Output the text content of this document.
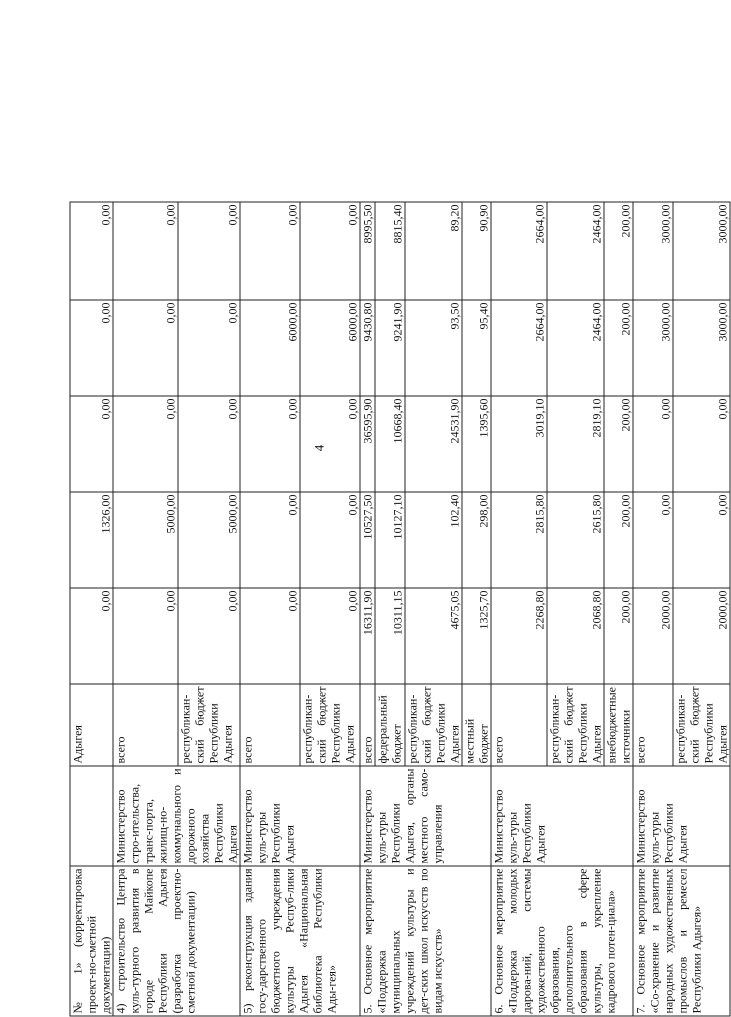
4
№ 1» (корректировка проект-но-сметной документации)		Адыгея	0,00	1326,00	0,00	0,00	0,00
4) строительство Центра куль-турного развития в городе Майкопе Республики Адыгея (разработка проектно-сметной документации)	Министерство стро-ительства, транс-порта, жилищ-но-коммунального и дорожного хозяйства Республики Адыгея	всего	0,00	5000,00	0,00	0,00	0,00
		республикан-ский бюджет Республики Адыгея	0,00	5000,00	0,00	0,00	0,00
5) реконструкция здания госу-дарственного бюджетного учреждения культуры Респуб-лики Адыгея «Национальная библиотека Республики Ады-гея»	Министерство куль-туры Республики Адыгея	всего	0,00	0,00	0,00	6000,00	0,00
		республикан-ский бюджет Республики Адыгея	0,00	0,00	0,00	6000,00	0,00
5. Основное мероприятие «Поддержка муниципальных учреждений культуры и дет-ских школ искусств по видам искусств»	Министерство куль-туры Республики Адыгея, органы местного само-управления	всего	16311,90	10527,50	36595,90	9430,80	8995,50
		федеральный бюджет	10311,15	10127,10	10668,40	9241,90	8815,40
		республикан-ский бюджет Республики Адыгея	4675,05	102,40	24531,90	93,50	89,20
		местный бюджет	1325,70	298,00	1395,60	95,40	90,90
6. Основное мероприятие «Поддержка молодых дарова-ний, системы художественного образования, дополнительного образования в сфере культуры, укрепление кадрового потен-циала»	Министерство куль-туры Республики Адыгея	всего	2268,80	2815,80	3019,10	2664,00	2664,00
		республикан-ский бюджет Республики Адыгея	2068,80	2615,80	2819,10	2464,00	2464,00
		внебюджетные источники	200,00	200,00	200,00	200,00	200,00
7. Основное мероприятие «Со-хранение и развитие народных художественных промыслов и ремесел Республики Адыгея»	Министерство куль-туры Республики Адыгея	всего	2000,00	0,00	0,00	3000,00	3000,00
		республикан-ский бюджет Республики Адыгея	2000,00	0,00	0,00	3000,00	3000,00
